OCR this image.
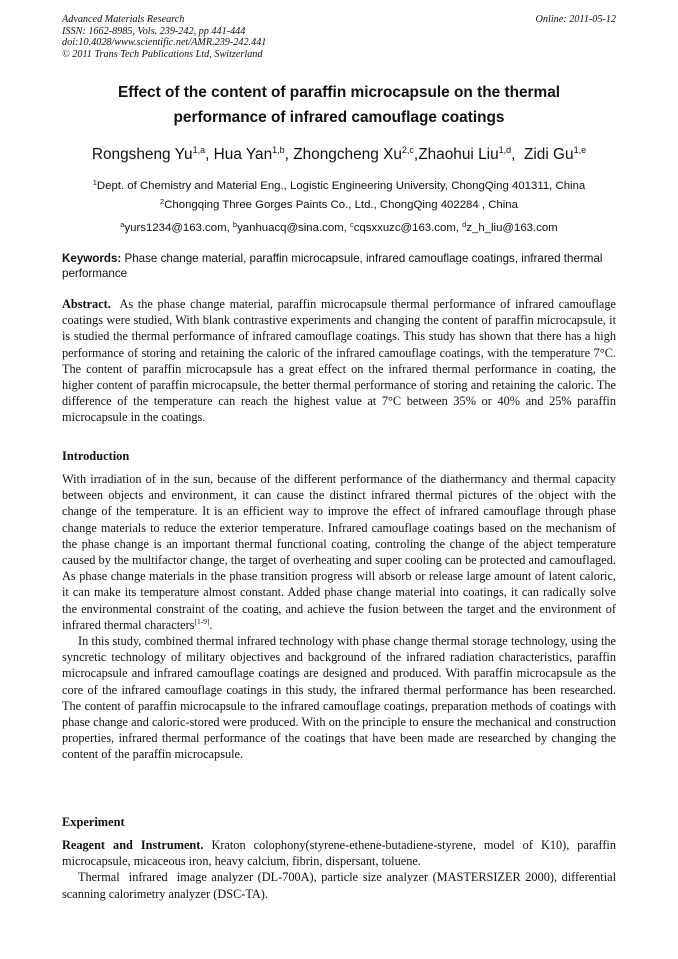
Advanced Materials Research
ISSN: 1662-8985, Vols. 239-242, pp 441-444
doi:10.4028/www.scientific.net/AMR.239-242.441
© 2011 Trans Tech Publications Ltd, Switzerland
Online: 2011-05-12
Effect of the content of paraffin microcapsule on the thermal
performance of infrared camouflage coatings
Rongsheng Yu$^{1,a}$, Hua Yan$^{1,b}$, Zhongcheng Xu$^{2,c}$,Zhaohui Liu$^{1,d}$,  Zidi Gu$^{1,e}$
$^1$Dept. of Chemistry and Material Eng., Logistic Engineering University, ChongQing 401311, China
$^2$Chongqing Three Gorges Paints Co., Ltd., ChongQing 402284 , China
$^a$yurs1234@163.com, $^b$yanhuacq@sina.com, $^c$cqsxxuzc@163.com, $^d$z_h_liu@163.com
Keywords: Phase change material, paraffin microcapsule, infrared camouflage coatings, infrared thermal performance

Abstract.  As the phase change material, paraffin microcapsule thermal performance of infrared camouflage coatings were studied, With blank contrastive experiments and changing the content of paraffin microcapsule, it is studied the thermal performance of infrared camouflage coatings. This study has shown that there has a high performance of storing and retaining the caloric of the infrared camouflage coatings, with the temperature 7°C. The content of paraffin microcapsule has a great effect on the infrared thermal performance in coating, the higher content of paraffin microcapsule, the better thermal performance of storing and retaining the caloric. The difference of the temperature can reach the highest value at 7°C between 35% or 40% and 25% paraffin microcapsule in the coatings.

Introduction

With irradiation of in the sun, because of the different performance of the diathermancy and thermal capacity between objects and environment, it can cause the distinct infrared thermal pictures of the object with the change of the temperature. It is an efficient way to improve the effect of infrared camouflage through phase change materials to reduce the exterior temperature. Infrared camouflage coatings based on the mechanism of the phase change is an important thermal functional coating, controling the change of the abject temperature caused by the multifactor change, the target of overheating and super cooling can be protected and camouflaged. As phase change materials in the phase transition progress will absorb or release large amount of latent caloric, it can make its temperature almost constant. Added phase change material into coatings, it can radically solve the environmental constraint of the coating, and achieve the fusion between the target and the environment of infrared thermal characters[1-9].

In this study, combined thermal infrared technology with phase change thermal storage technology, using the syncretic technology of military objectives and background of the infrared radiation characteristics, paraffin microcapsule and infrared camouflage coatings are designed and produced. With paraffin microcapsule as the core of the infrared camouflage coatings in this study, the infrared thermal performance has been researched. The content of paraffin microcapsule to the infrared camouflage coatings, preparation methods of coatings with phase change and caloric-stored were produced. With on the principle to ensure the mechanical and construction properties, infrared thermal performance of the coatings that have been made are researched by changing the content of the paraffin microcapsule.

Experiment

Reagent and Instrument. Kraton colophony(styrene-ethene-butadiene-styrene, model of K10), paraffin microcapsule, micaceous iron, heavy calcium, fibrin, dispersant, toluene.

Thermal  infrared  image analyzer (DL-700A), particle size analyzer (MASTERSIZER 2000), differential scanning calorimetry analyzer (DSC-TA).
